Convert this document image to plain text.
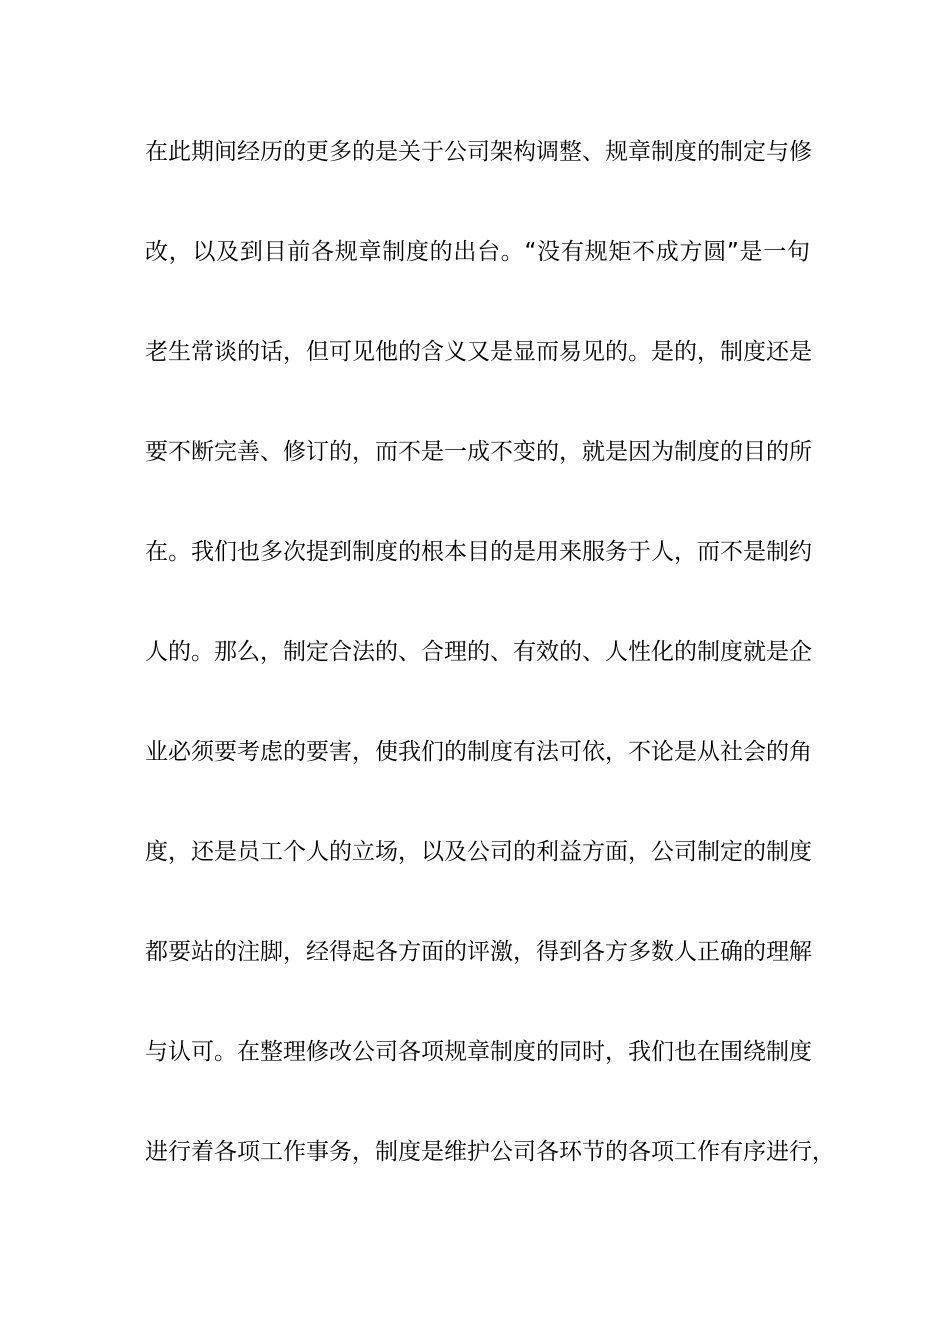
在此期间经历的更多的是关于公司架构调整、规章制度的制定与修
改，以及到目前各规章制度的出台。“没有规矩不成方圆”是一句
老生常谈的话，但可见他的含义又是显而易见的。是的，制度还是
要不断完善、修订的，而不是一成不变的，就是因为制度的目的所
在。我们也多次提到制度的根本目的是用来服务于人，而不是制约
人的。那么，制定合法的、合理的、有效的、人性化的制度就是企
业必须要考虑的要害，使我们的制度有法可依，不论是从社会的角
度，还是员工个人的立场，以及公司的利益方面，公司制定的制度
都要站的注脚，经得起各方面的评激，得到各方多数人正确的理解
与认可。在整理修改公司各项规章制度的同时，我们也在围绕制度
进行着各项工作事务，制度是维护公司各环节的各项工作有序进行，
